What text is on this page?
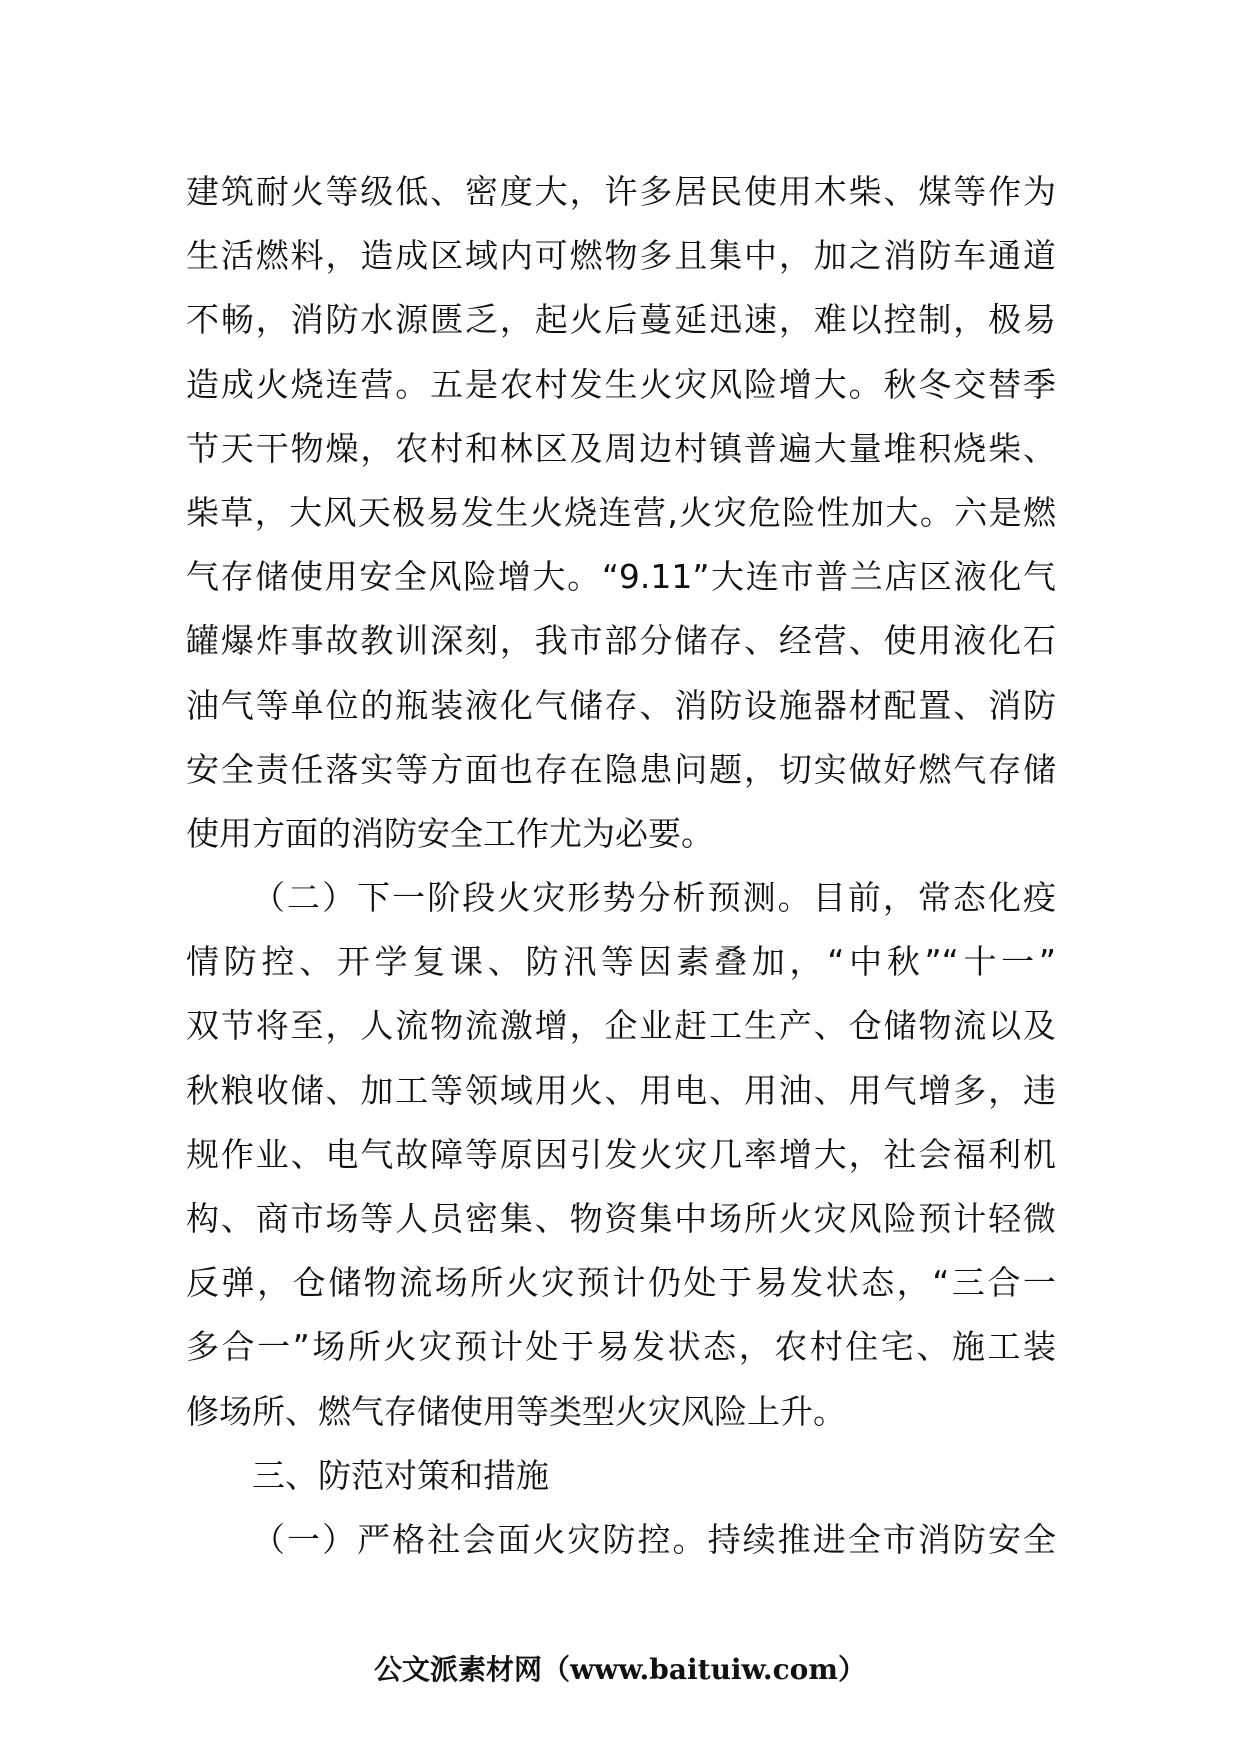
建筑耐火等级低、密度大，许多居民使用木柴、煤等作为
生活燃料，造成区域内可燃物多且集中，加之消防车通道
不畅，消防水源匮乏，起火后蔓延迅速，难以控制，极易
造成火烧连营。五是农村发生火灾风险增大。秋冬交替季
节天干物燥，农村和林区及周边村镇普遍大量堆积烧柴、
柴草，大风天极易发生火烧连营,火灾危险性加大。六是燃
气存储使用安全风险增大。“9.11”大连市普兰店区液化气
罐爆炸事故教训深刻，我市部分储存、经营、使用液化石
油气等单位的瓶装液化气储存、消防设施器材配置、消防
安全责任落实等方面也存在隐患问题，切实做好燃气存储
使用方面的消防安全工作尤为必要。
（二）下一阶段火灾形势分析预测。目前，常态化疫
情防控、开学复课、防汛等因素叠加，“中秋”“十一”
双节将至，人流物流激增，企业赶工生产、仓储物流以及
秋粮收储、加工等领域用火、用电、用油、用气增多，违
规作业、电气故障等原因引发火灾几率增大，社会福利机
构、商市场等人员密集、物资集中场所火灾风险预计轻微
反弹，仓储物流场所火灾预计仍处于易发状态，“三合一
多合一”场所火灾预计处于易发状态，农村住宅、施工装
修场所、燃气存储使用等类型火灾风险上升。
三、防范对策和措施
（一）严格社会面火灾防控。持续推进全市消防安全
公文派素材网（www.baituiw.com）
